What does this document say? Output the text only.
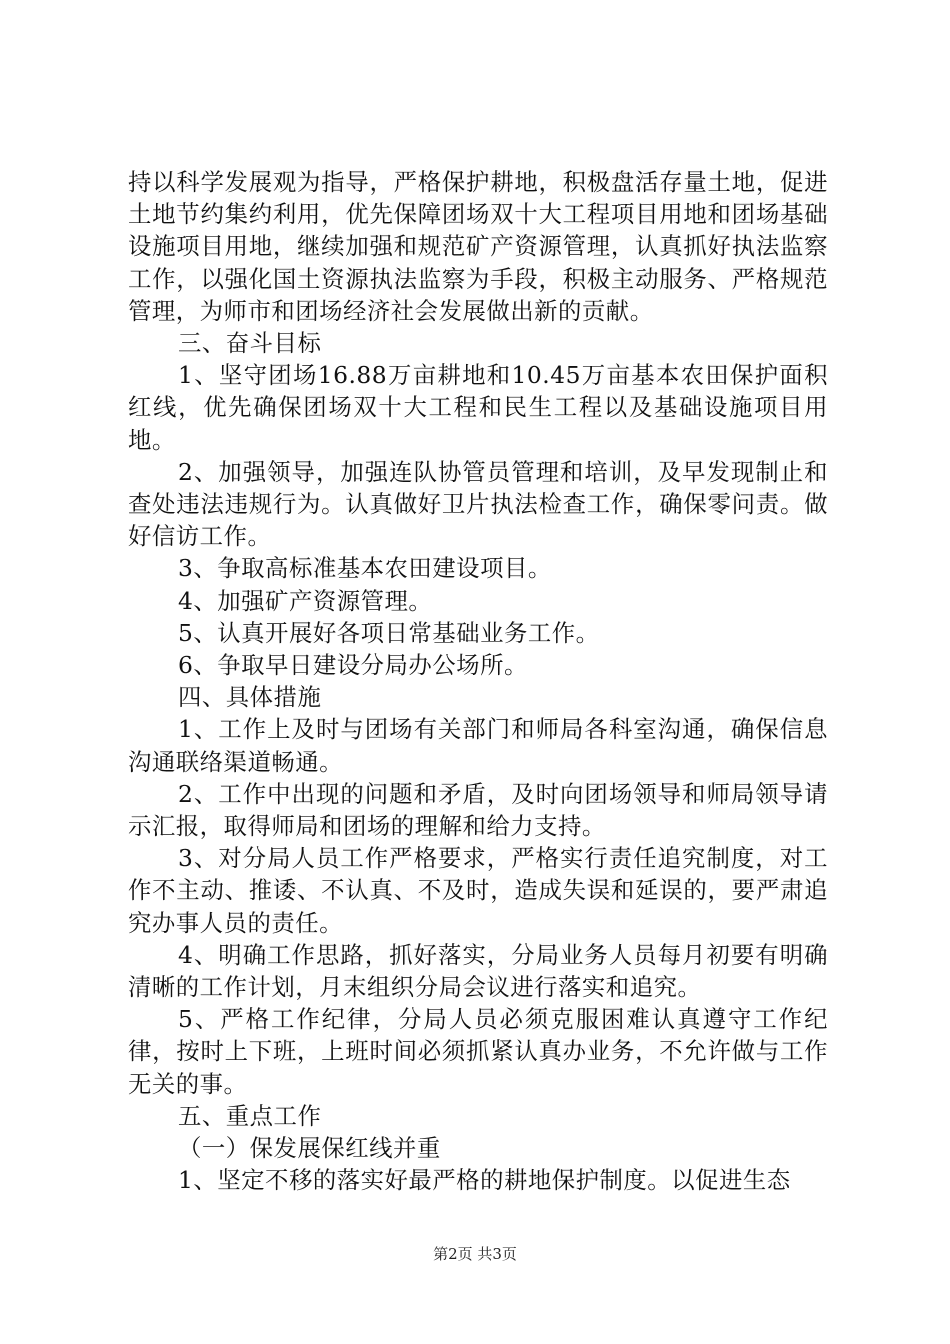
持以科学发展观为指导，严格保护耕地，积极盘活存量土地，促进土地节约集约利用，优先保障团场双十大工程项目用地和团场基础设施项目用地，继续加强和规范矿产资源管理，认真抓好执法监察工作，以强化国土资源执法监察为手段，积极主动服务、严格规范管理，为师市和团场经济社会发展做出新的贡献。

三、奋斗目标

1、坚守团场16.88万亩耕地和10.45万亩基本农田保护面积红线，优先确保团场双十大工程和民生工程以及基础设施项目用地。

2、加强领导，加强连队协管员管理和培训，及早发现制止和查处违法违规行为。认真做好卫片执法检查工作，确保零问责。做好信访工作。

3、争取高标准基本农田建设项目。

4、加强矿产资源管理。

5、认真开展好各项日常基础业务工作。

6、争取早日建设分局办公场所。

四、具体措施

1、工作上及时与团场有关部门和师局各科室沟通，确保信息沟通联络渠道畅通。

2、工作中出现的问题和矛盾，及时向团场领导和师局领导请示汇报，取得师局和团场的理解和给力支持。

3、对分局人员工作严格要求，严格实行责任追究制度，对工作不主动、推诿、不认真、不及时，造成失误和延误的，要严肃追究办事人员的责任。

4、明确工作思路，抓好落实，分局业务人员每月初要有明确清晰的工作计划，月末组织分局会议进行落实和追究。

5、严格工作纪律，分局人员必须克服困难认真遵守工作纪律，按时上下班，上班时间必须抓紧认真办业务，不允许做与工作无关的事。

五、重点工作

（一）保发展保红线并重

1、坚定不移的落实好最严格的耕地保护制度。以促进生态

第2页 共3页
